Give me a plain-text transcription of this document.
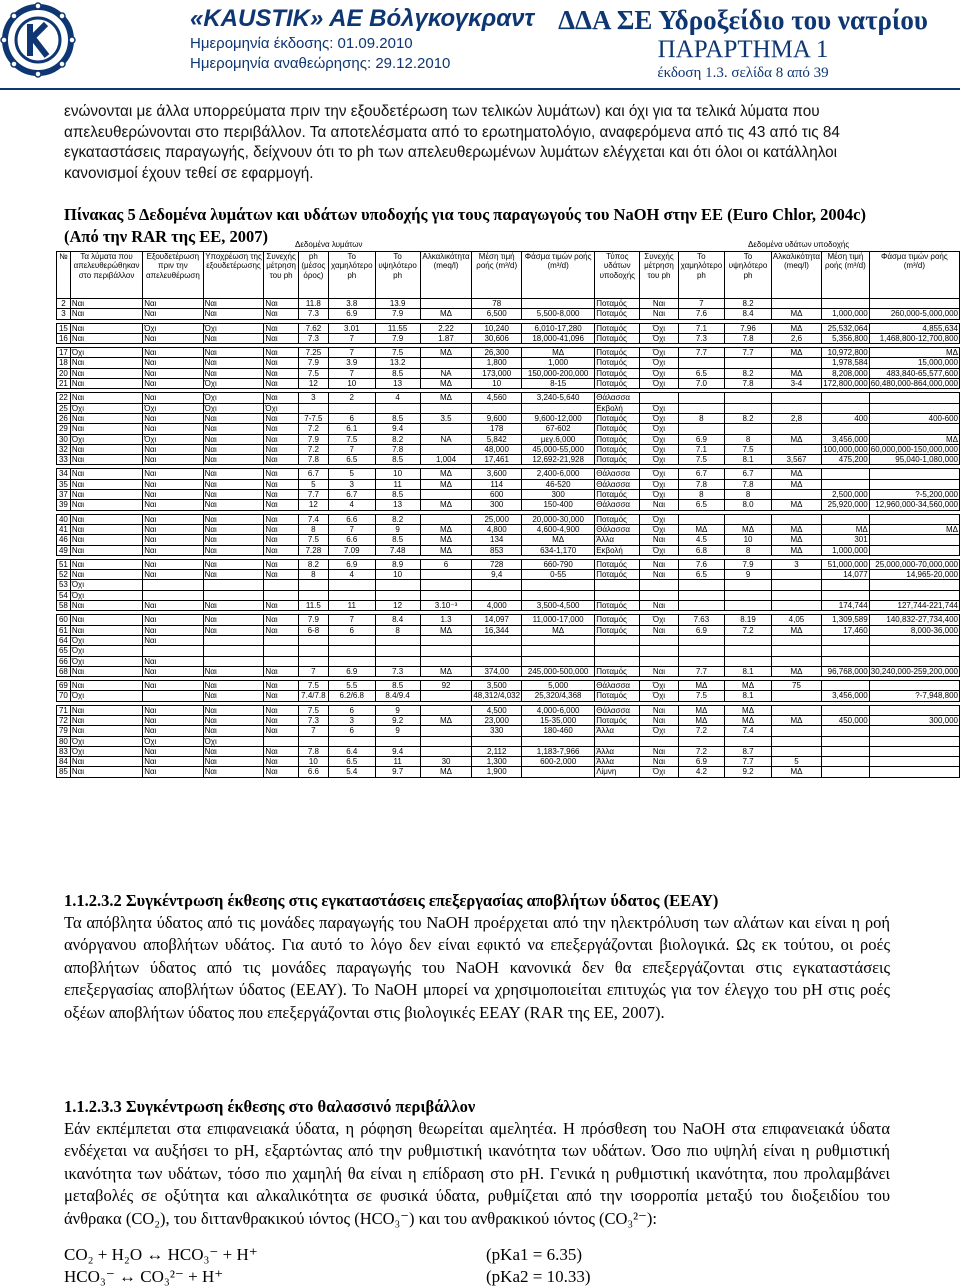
«KAUSTIK» AE Βόλγκογκραντ
Ημερομηνία έκδοσης: 01.09.2010
Ημερομηνία αναθεώρησης: 29.12.2010
ΔΔΑ ΣΕ Υδροξείδιο του νατρίου
ΠΑΡΑΡΤΗΜΑ 1
έκδοση 1.3. σελίδα 8 από 39
ενώνονται με άλλα υπορρεύματα πριν την εξουδετέρωση των τελικών λυμάτων) και όχι για τα τελικά λύματα που απελευθερώνονται στο περιβάλλον. Τα αποτελέσματα από το ερωτηματολόγιο, αναφερόμενα από τις 43 από τις 84 εγκαταστάσεις παραγωγής, δείχνουν ότι το ph των απελευθερωμένων λυμάτων ελέγχεται και ότι όλοι οι κατάλληλοι κανονισμοί έχουν τεθεί σε εφαρμογή.
Πίνακας 5 Δεδομένα λυμάτων και υδάτων υποδοχής για τους παραγωγούς του NaOH στην ΕΕ (Euro Chlor, 2004c) (Από την RAR της ΕΕ, 2007)	Δεδομένα λυμάτων	Δεδομένα υδάτων υποδοχής
№	Τα λύματα που απελευθερώθηκαν στο περιβάλλον	Εξουδετέρωση πριν την απελευθέρωση	Υποχρέωση της εξουδετέρωσης	Συνεχής μέτρηση του ph	ph (μέσος όρος)	Το χαμηλότερο ph	Το υψηλότερο ph	Αλκαλικότητα (meq/l)	Μέση τιμή ροής (m³/d)	Φάσμα τιμών ροής (m³/d)	Τύπος υδάτων υποδοχής	Συνεχής μέτρηση του ph	Το χαμηλότερο ph	Το υψηλότερο ph	Αλκαλικότητα (meq/l)	Μέση τιμή ροής (m³/d)	Φάσμα τιμών ροής (m³/d)
2	Ναι	Ναι	Ναι	Ναι	11.8	3.8	13.9		78		Ποταμός	Ναι	7	8.2			
3	Ναι	Ναι	Ναι	Ναι	7.3	6.9	7.9	ΜΔ	6,500	5,500-8,000	Ποταμός	Ναι	7.6	8.4	ΜΔ	1,000,000	260,000-5,000,000

15	Ναι	Όχι	Όχι	Ναι	7.62	3.01	11.55	2.22	10,240	6,010-17,280	Ποταμός	Όχι	7.1	7.96	ΜΔ	25,532,064	4,855,634
16	Ναι	Ναι	Ναι	Ναι	7.3	7	7.9	1.87	30,606	18,000-41,096	Ποταμός	Όχι	7.3	7.8	2,6	5,356,800	1,468,800-12,700,800

17	Όχι	Ναι	Ναι	Ναι	7.25	7	7.5	ΜΔ	26,300	ΜΔ	Ποταμός	Όχι	7.7	7.7	ΜΔ	10,972,800	ΜΔ
18	Ναι	Ναι	Ναι	Ναι	7.9	3.9	13.2		1,800	1,000	Ποταμός	Όχι				1,978,584	15,000,000
20	Ναι	Ναι	Ναι	Ναι	7.5	7	8.5	ΝΑ	173,000	150,000-200,000	Ποταμός	Όχι	6.5	8.2	ΜΔ	8,208,000	483,840-65,577,600
21	Ναι	Ναι	Όχι	Ναι	12	10	13	ΜΔ	10	8-15	Ποταμός	Όχι	7.0	7.8	3-4	172,800,000	60,480,000-864,000,000

22	Ναι	Ναι	Όχι	Ναι	3	2	4	ΜΔ	4,560	3,240-5,640	Θάλασσα						
25	Όχι	Όχι	Όχι	Όχι							Εκβολή	Όχι					
26	Ναι	Ναι	Ναι	Ναι	7-7.5	6	8.5	3.5	9,600	9,600-12,000	Ποταμός	Όχι	8	8.2	2,8	400	400-600
29	Ναι	Ναι	Ναι	Ναι	7.2	6.1	9.4		178	67-602	Ποταμός	Όχι					
30	Όχι	Όχι	Ναι	Ναι	7.9	7.5	8.2	ΝΑ	5,842	μεγ.6,000	Ποταμός	Όχι	6.9	8	ΜΔ	3,456,000	ΜΔ
32	Ναι	Ναι	Ναι	Ναι	7.2	7	7.8		48,000	45,000-55,000	Ποταμός	Όχι	7.1	7.5		100,000,000	60,000,000-150,000,000
33	Ναι	Ναι	Ναι	Ναι	7.8	6.5	8.5	1,004	17,461	12,692-21,928	Ποταμός	Όχι	7.5	8.1	3,567	475,200	95,040-1,080,000

34	Ναι	Ναι	Ναι	Ναι	6.7	5	10	ΜΔ	3,600	2,400-6,000	Θάλασσα	Όχι	6.7	6.7	ΜΔ		
35	Ναι	Ναι	Ναι	Ναι	5	3	11	ΜΔ	114	46-520	Θάλασσα	Όχι	7.8	7.8	ΜΔ		
37	Ναι	Ναι	Ναι	Ναι	7.7	6.7	8.5		600	300	Ποταμός	Όχι	8	8		2,500,000	?-5,200,000
39	Ναι	Ναι	Ναι	Ναι	12	4	13	ΜΔ	300	150-400	Θάλασσα	Ναι	6.5	8.0	ΜΔ	25,920,000	12,960,000-34,560,000

40	Ναι	Ναι	Ναι	Ναι	7.4	6.6	8.2		25,000	20,000-30,000	Ποταμός	Όχι					
41	Ναι	Ναι	Ναι	Ναι	8	7	9	ΜΔ	4,800	4,600-4,900	Θάλασσα	Όχι	ΜΔ	ΜΔ	ΜΔ	ΜΔ	ΜΔ
46	Ναι	Ναι	Ναι	Ναι	7.5	6.6	8.5	ΜΔ	134	ΜΔ	Άλλα	Ναι	4.5	10	ΜΔ	301	
49	Ναι	Ναι	Ναι	Ναι	7.28	7.09	7.48	ΜΔ	853	634-1,170	Εκβολή	Όχι	6.8	8	ΜΔ	1,000,000	

51	Ναι	Ναι	Ναι	Ναι	8.2	6.9	8.9	6	728	660-790	Ποταμός	Ναι	7.6	7.9	3	51,000,000	25,000,000-70,000,000
52	Ναι	Ναι	Ναι	Ναι	8	4	10		9,4	0-55	Ποταμός	Ναι	6.5	9		14,077	14,965-20,000
53	Όχι																
54	Όχι																
58	Ναι	Ναι	Ναι	Ναι	11.5	11	12	3.10⁻³	4,000	3,500-4,500	Ποταμός	Ναι				174,744	127,744-221,744

60	Ναι	Ναι	Ναι	Ναι	7.9	7	8.4	1.3	14,097	11,000-17,000	Ποταμός	Όχι	7.63	8.19	4,05	1,309,589	140,832-27,734,400
61	Ναι	Ναι	Ναι	Ναι	6-8	6	8	ΜΔ	16,344	ΜΔ	Ποταμός	Ναι	6.9	7.2	ΜΔ	17,460	8,000-36,000
64	Όχι	Ναι															
65	Όχι																
66	Όχι	Ναι															
68	Ναι	Ναι	Ναι	Ναι	7	6.9	7.3	ΜΔ	374,00	245,000-500,000	Ποταμός	Ναι	7.7	8.1	ΜΔ	96,768,000	30,240,000-259,200,000

69	Ναι	Ναι	Ναι	Ναι	7.5	5.5	8.5	92	3,500	5,000	Θάλασσα	Όχι	ΜΔ	ΜΔ	75		
70	Όχι		Ναι	Ναι	7.4/7.8	6.2/6.8	8.4/9.4		48,312/4,032	25,320/4,368	Ποταμός	Όχι	7.5	8.1		3,456,000	?-7,948,800

71	Ναι	Ναι	Ναι	Ναι	7.5	6	9		4,500	4,000-6,000	Θάλασσα	Ναι	ΜΔ	ΜΔ			
72	Ναι	Ναι	Ναι	Ναι	7.3	3	9.2	ΜΔ	23,000	15-35,000	Ποταμός	Ναι	ΜΔ	ΜΔ	ΜΔ	450,000	300,000
79	Ναι	Ναι	Ναι	Ναι	7	6	9		330	180-460	Άλλα	Όχι	7.2	7.4			
80	Όχι	Όχι	Όχι														
83	Όχι	Ναι	Ναι	Ναι	7.8	6.4	9.4		2,112	1,183-7,966	Άλλα	Ναι	7.2	8.7			
84	Ναι	Ναι	Ναι	Ναι	10	6.5	11	30	1,300	600-2,000	Άλλα	Ναι	6.9	7.7	5		
85	Ναι	Ναι	Ναι	Ναι	6.6	5.4	9.7	ΜΔ	1,900		Λίμνη	Όχι	4.2	9.2	ΜΔ		
1.1.2.3.2 Συγκέντρωση έκθεσης στις εγκαταστάσεις επεξεργασίας αποβλήτων ύδατος (ΕΕΑΥ)
Τα απόβλητα ύδατος από τις μονάδες παραγωγής του NaOH προέρχεται από την ηλεκτρόλυση των αλάτων και είναι η ροή ανόργανου αποβλήτων υδάτος. Για αυτό το λόγο δεν είναι εφικτό να επεξεργάζονται βιολογικά. Ως εκ τούτου, οι ροές αποβλήτων ύδατος από τις μονάδες παραγωγής του NaOH κανονικά δεν θα επεξεργάζονται στις εγκαταστάσεις επεξεργασίας αποβλήτων ύδατος (ΕΕΑΥ). Το NaOH μπορεί να χρησιμοποιείται επιτυχώς για τον έλεγχο του pH στις ροές οξέων αποβλήτων ύδατος που επεξεργάζονται στις βιολογικές ΕΕΑΥ (RAR της ΕΕ, 2007).
1.1.2.3.3 Συγκέντρωση έκθεσης στο θαλασσινό περιβάλλον
Εάν εκπέμπεται στα επιφανειακά ύδατα, η ρόφηση θεωρείται αμελητέα. Η πρόσθεση του NaOH στα επιφανειακά ύδατα ενδέχεται να αυξήσει το pH, εξαρτώντας από την ρυθμιστική ικανότητα των υδάτων. Όσο πιο υψηλή είναι η ρυθμιστική ικανότητα των υδάτων, τόσο πιο χαμηλή θα είναι η επίδραση στο pH. Γενικά η ρυθμιστική ικανότητα, που προλαμβάνει μεταβολές σε οξύτητα και αλκαλικότητα σε φυσικά ύδατα, ρυθμίζεται από την ισορροπία μεταξύ του διοξειδίου του άνθρακα (CO₂), του διττανθρακικού ιόντος (HCO₃⁻) και του ανθρακικού ιόντος (CO₃²⁻):
CO₂ + H₂O ↔ HCO₃⁻ + H⁺	(pKa1 = 6.35)
HCO₃⁻ ↔ CO₃²⁻ + H⁺	(pKa2 = 10.33)
